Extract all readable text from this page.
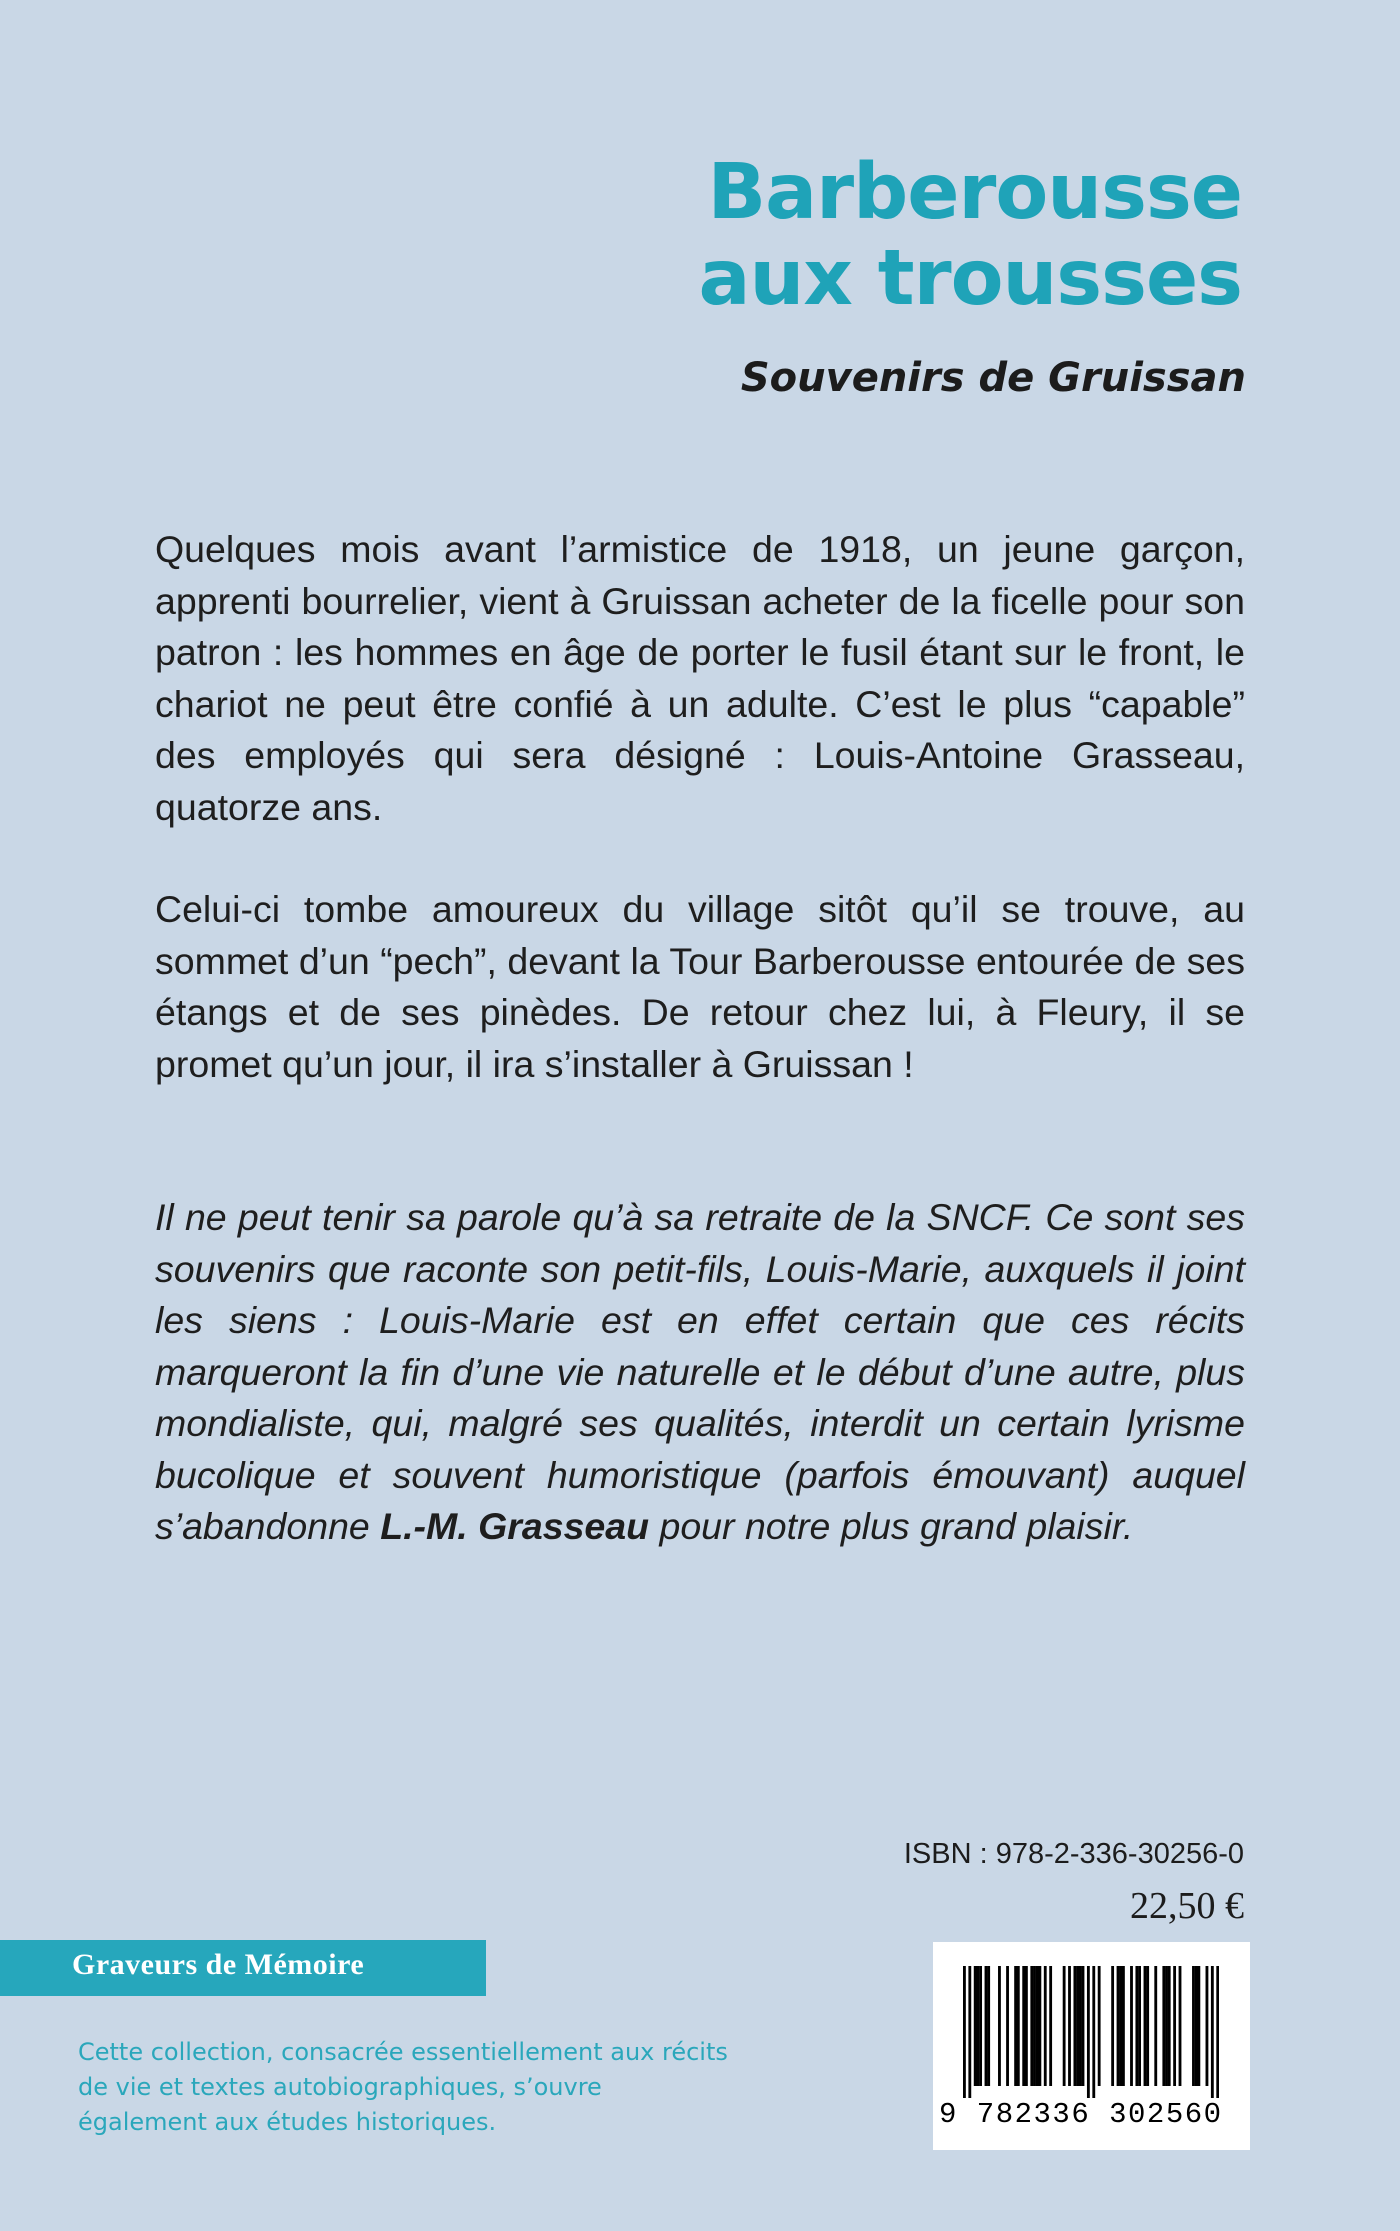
Barberousse
aux trousses

Souvenirs de Gruissan

Quelques mois avant l’armistice de 1918, un jeune garçon, apprenti bourrelier, vient à Gruissan acheter de la ficelle pour son patron : les hommes en âge de porter le fusil étant sur le front, le chariot ne peut être confié à un adulte. C’est le plus “capable” des employés qui sera désigné : Louis-Antoine Grasseau, quatorze ans.

Celui-ci tombe amoureux du village sitôt qu’il se trouve, au sommet d’un “pech”, devant la Tour Barberousse entourée de ses étangs et de ses pinèdes. De retour chez lui, à Fleury, il se promet qu’un jour, il ira s’installer à Gruissan !

Il ne peut tenir sa parole qu’à sa retraite de la SNCF. Ce sont ses souvenirs que raconte son petit-fils, Louis-Marie, auxquels il joint les siens : Louis-Marie est en effet certain que ces récits marqueront la fin d’une vie naturelle et le début d’une autre, plus mondialiste, qui, malgré ses qualités, interdit un certain lyrisme bucolique et souvent humoristique (parfois émouvant) auquel s’abandonne L.-M. Grasseau pour notre plus grand plaisir.

ISBN : 978-2-336-30256-0

22,50 €

Graveurs de Mémoire

Cette collection, consacrée essentiellement aux récits de vie et textes autobiographiques, s’ouvre également aux études historiques.	9 782336 302560
